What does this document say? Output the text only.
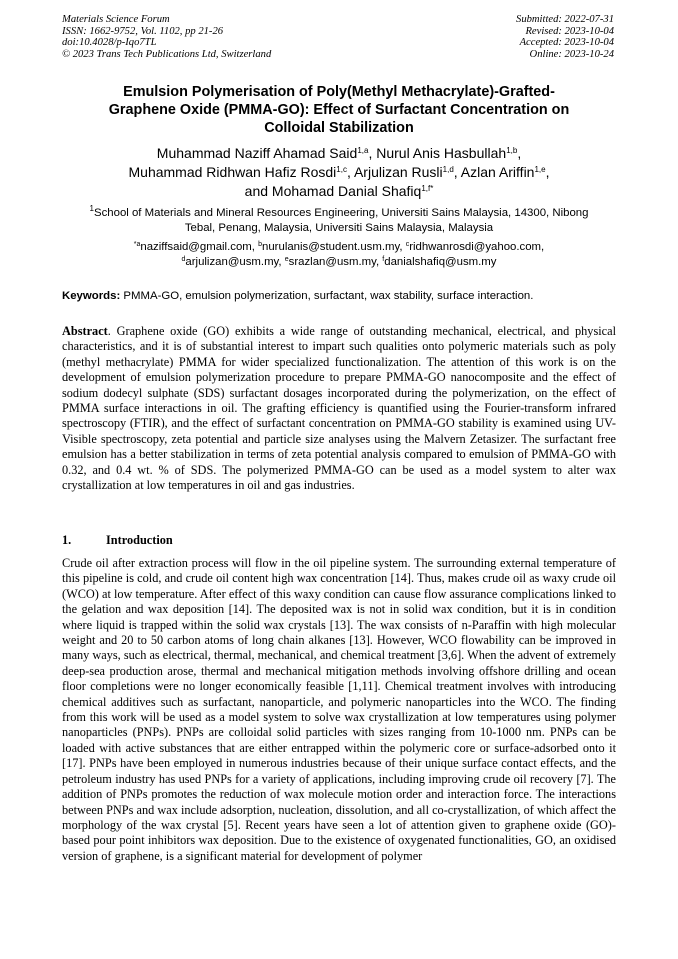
Materials Science Forum
ISSN: 1662-9752, Vol. 1102, pp 21-26
doi:10.4028/p-Iqo7TL
© 2023 Trans Tech Publications Ltd, Switzerland
Submitted: 2022-07-31
Revised: 2023-10-04
Accepted: 2023-10-04
Online: 2023-10-24
Emulsion Polymerisation of Poly(Methyl Methacrylate)-Grafted-
Graphene Oxide (PMMA-GO): Effect of Surfactant Concentration on
Colloidal Stabilization
Muhammad Naziff Ahamad Said$^{1,a}$, Nurul Anis Hasbullah$^{1,b}$,
Muhammad Ridhwan Hafiz Rosdi$^{1,c}$, Arjulizan Rusli$^{1,d}$, Azlan Ariffin$^{1,e}$,
and Mohamad Danial Shafiq$^{1,f*}$
$^1$School of Materials and Mineral Resources Engineering, Universiti Sains Malaysia, 14300, Nibong
Tebal, Penang, Malaysia, Universiti Sains Malaysia, Malaysia
$^{*a}$naziffsaid@gmail.com, $^b$nurulanis@student.usm.my, $^c$ridhwanrosdi@yahoo.com,
$^d$arjulizan@usm.my, $^e$srazlan@usm.my, $^f$danialshafiq@usm.my

Keywords: PMMA-GO, emulsion polymerization, surfactant, wax stability, surface interaction.

Abstract. Graphene oxide (GO) exhibits a wide range of outstanding mechanical, electrical, and physical characteristics, and it is of substantial interest to impart such qualities onto polymeric materials such as poly (methyl methacrylate) PMMA for wider specialized functionalization. The attention of this work is on the development of emulsion polymerization procedure to prepare PMMA-GO nanocomposite and the effect of sodium dodecyl sulphate (SDS) surfactant dosages incorporated during the polymerization, on the effect of PMMA surface interactions in oil. The grafting efficiency is quantified using the Fourier-transform infrared spectroscopy (FTIR), and the effect of surfactant concentration on PMMA-GO stability is examined using UV-Visible spectroscopy, zeta potential and particle size analyses using the Malvern Zetasizer. The surfactant free emulsion has a better stabilization in terms of zeta potential analysis compared to emulsion of PMMA-GO with 0.32, and 0.4 wt. % of SDS. The polymerized PMMA-GO can be used as a model system to alter wax crystallization at low temperatures in oil and gas industries.

1.	Introduction

Crude oil after extraction process will flow in the oil pipeline system. The surrounding external temperature of this pipeline is cold, and crude oil content high wax concentration [14]. Thus, makes crude oil as waxy crude oil (WCO) at low temperature. After effect of this waxy condition can cause flow assurance complications linked to the gelation and wax deposition [14]. The deposited wax is not in solid wax condition, but it is in condition where liquid is trapped within the solid wax crystals [13]. The wax consists of n-Paraffin with high molecular weight and 20 to 50 carbon atoms of long chain alkanes [13]. However, WCO flowability can be improved in many ways, such as electrical, thermal, mechanical, and chemical treatment [3,6]. When the advent of extremely deep-sea production arose, thermal and mechanical mitigation methods involving offshore drilling and ocean floor completions were no longer economically feasible [1,11]. Chemical treatment involves with introducing chemical additives such as surfactant, nanoparticle, and polymeric nanoparticles into the WCO. The finding from this work will be used as a model system to solve wax crystallization at low temperatures using polymer nanoparticles (PNPs). PNPs are colloidal solid particles with sizes ranging from 10-1000 nm. PNPs can be loaded with active substances that are either entrapped within the polymeric core or surface-adsorbed onto it [17]. PNPs have been employed in numerous industries because of their unique surface contact effects, and the petroleum industry has used PNPs for a variety of applications, including improving crude oil recovery [7]. The addition of PNPs promotes the reduction of wax molecule motion order and interaction force. The interactions between PNPs and wax include adsorption, nucleation, dissolution, and all co-crystallization, of which affect the morphology of the wax crystal [5]. Recent years have seen a lot of attention given to graphene oxide (GO)-based pour point inhibitors wax deposition. Due to the existence of oxygenated functionalities, GO, an oxidised version of graphene, is a significant material for development of polymer
